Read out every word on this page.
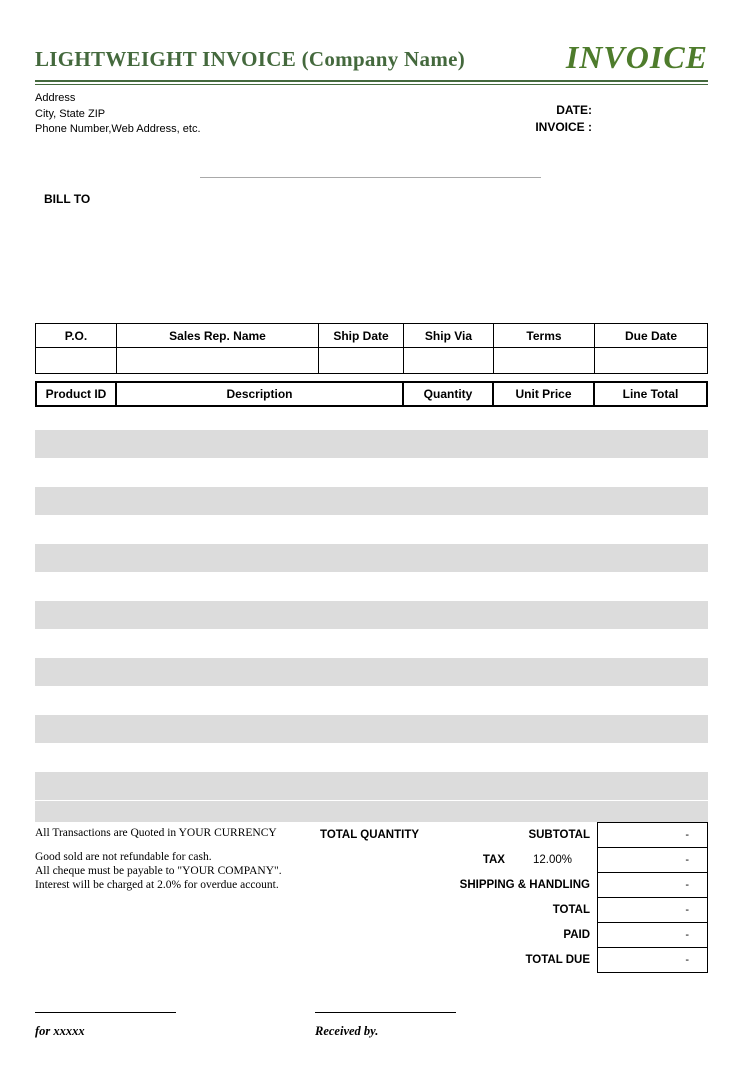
LIGHTWEIGHT INVOICE (Company Name)	INVOICE
Address
City, State ZIP
Phone Number,Web Address, etc.
DATE:
INVOICE :
BILL TO
P.O.	Sales Rep. Name	Ship Date	Ship Via	Terms	Due Date
Product ID	Description	Quantity	Unit Price	Line Total
All Transactions are Quoted in YOUR CURRENCY
Good sold are not refundable for cash.
All cheque must be payable to "YOUR COMPANY".
Interest will be charged at 2.0% for overdue account.
TOTAL QUANTITY	SUBTOTAL	-
TAX 12.00%	-
SHIPPING & HANDLING	-
TOTAL	-
PAID	-
TOTAL DUE	-
for xxxxx	Received by.
